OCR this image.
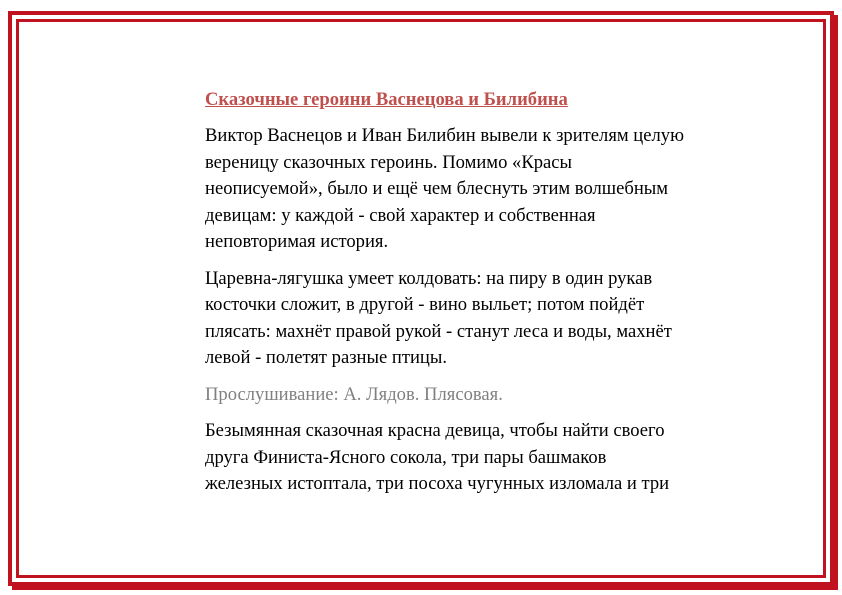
Сказочные героини Васнецова и Билибина
Виктор Васнецов и Иван Билибин вывели к зрителям целую
вереницу сказочных героинь. Помимо «Красы
неописуемой», было и ещё чем блеснуть этим волшебным
девицам: у каждой - свой характер и собственная
неповторимая история.
Царевна-лягушка умеет колдовать: на пиру в один рукав
косточки сложит, в другой - вино выльет; потом пойдёт
плясать: махнёт правой рукой - станут леса и воды, махнёт
левой - полетят разные птицы.
Прослушивание: А. Лядов. Плясовая.
Безымянная сказочная красна девица, чтобы найти своего
друга Финиста-Ясного сокола, три пары башмаков
железных истоптала, три посоха чугунных изломала и три
